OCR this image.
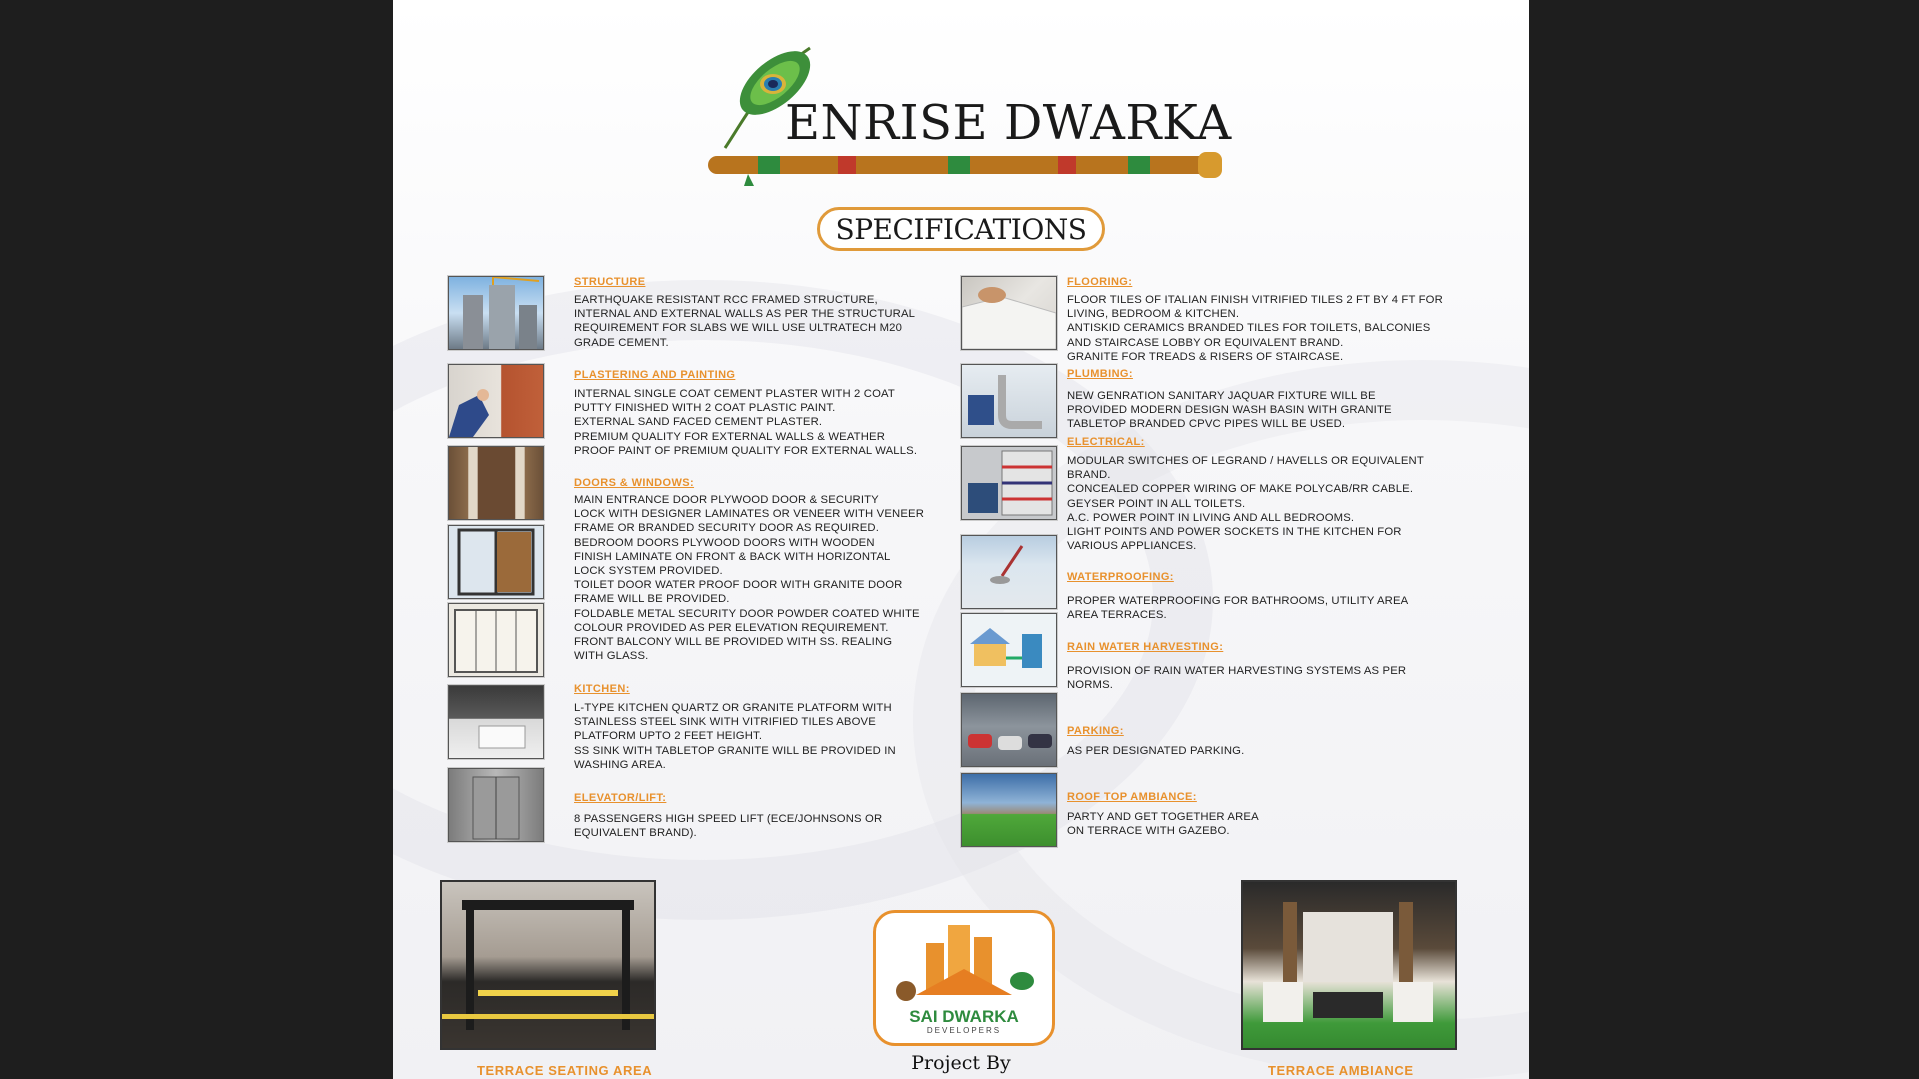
ENRISE DWARKA
SPECIFICATIONS
STRUCTURE
EARTHQUAKE RESISTANT RCC FRAMED STRUCTURE,
INTERNAL AND EXTERNAL WALLS AS PER THE STRUCTURAL
REQUIREMENT FOR SLABS WE WILL USE ULTRATECH M20
GRADE CEMENT.
PLASTERING AND PAINTING
INTERNAL SINGLE COAT CEMENT PLASTER WITH 2 COAT
PUTTY FINISHED WITH 2 COAT PLASTIC PAINT.
EXTERNAL SAND FACED CEMENT PLASTER.
PREMIUM QUALITY FOR EXTERNAL WALLS & WEATHER
PROOF PAINT OF PREMIUM QUALITY FOR EXTERNAL WALLS.
DOORS & WINDOWS:
MAIN ENTRANCE DOOR PLYWOOD DOOR & SECURITY
LOCK WITH DESIGNER LAMINATES OR VENEER WITH VENEER
FRAME OR BRANDED SECURITY DOOR AS REQUIRED.
BEDROOM DOORS PLYWOOD DOORS WITH WOODEN
FINISH LAMINATE ON FRONT & BACK WITH HORIZONTAL
LOCK SYSTEM PROVIDED.
TOILET DOOR WATER PROOF DOOR WITH GRANITE DOOR
FRAME WILL BE PROVIDED.
FOLDABLE METAL SECURITY DOOR POWDER COATED WHITE
COLOUR PROVIDED AS PER ELEVATION REQUIREMENT.
FRONT BALCONY WILL BE PROVIDED WITH SS. REALING
WITH GLASS.
KITCHEN:
L-TYPE KITCHEN QUARTZ OR GRANITE PLATFORM WITH
STAINLESS STEEL SINK WITH VITRIFIED TILES ABOVE
PLATFORM UPTO 2 FEET HEIGHT.
SS SINK WITH TABLETOP GRANITE WILL BE PROVIDED IN
WASHING AREA.
ELEVATOR/LIFT:
8 PASSENGERS HIGH SPEED LIFT (ECE/JOHNSONS OR
EQUIVALENT BRAND).
FLOORING:
FLOOR TILES OF ITALIAN FINISH VITRIFIED TILES 2 FT BY 4 FT FOR
LIVING, BEDROOM & KITCHEN.
ANTISKID CERAMICS BRANDED TILES FOR TOILETS, BALCONIES
AND STAIRCASE LOBBY OR EQUIVALENT BRAND.
GRANITE FOR TREADS & RISERS OF STAIRCASE.
PLUMBING:
NEW GENRATION SANITARY JAQUAR FIXTURE WILL BE
PROVIDED MODERN DESIGN WASH BASIN WITH GRANITE
TABLETOP BRANDED CPVC PIPES WILL BE USED.
ELECTRICAL:
MODULAR SWITCHES OF LEGRAND / HAVELLS OR EQUIVALENT
BRAND.
CONCEALED COPPER WIRING OF MAKE POLYCAB/RR CABLE.
GEYSER POINT IN ALL TOILETS.
A.C. POWER POINT IN LIVING AND ALL BEDROOMS.
LIGHT POINTS AND POWER SOCKETS IN THE KITCHEN FOR
VARIOUS APPLIANCES.
WATERPROOFING:
PROPER WATERPROOFING FOR BATHROOMS, UTILITY AREA
AREA TERRACES.
RAIN WATER HARVESTING:
PROVISION OF RAIN WATER HARVESTING SYSTEMS AS PER
NORMS.
PARKING:
AS PER DESIGNATED PARKING.
ROOF TOP AMBIANCE:
PARTY AND GET TOGETHER AREA
ON TERRACE WITH GAZEBO.
TERRACE SEATING AREA
SAI DWARKA
DEVELOPERS
Project By	TERRACE AMBIANCE
